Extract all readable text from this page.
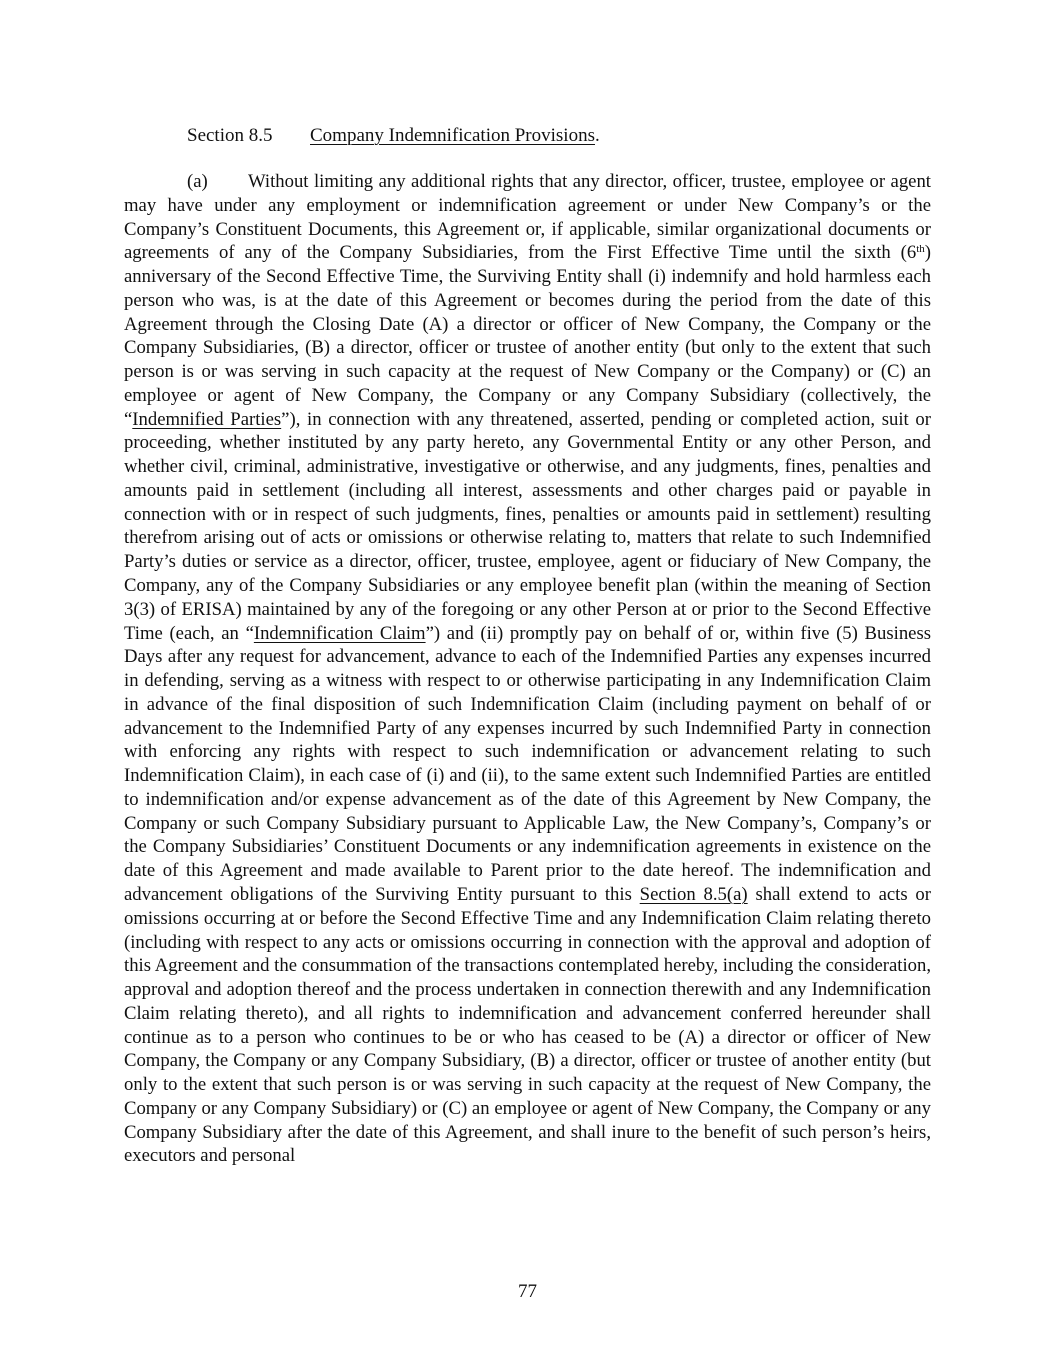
Section 8.5 Company Indemnification Provisions.

(a) Without limiting any additional rights that any director, officer, trustee, employee or agent may have under any employment or indemnification agreement or under New Company’s or the Company’s Constituent Documents, this Agreement or, if applicable, similar organizational documents or agreements of any of the Company Subsidiaries, from the First Effective Time until the sixth (6th) anniversary of the Second Effective Time, the Surviving Entity shall (i) indemnify and hold harmless each person who was, is at the date of this Agreement or becomes during the period from the date of this Agreement through the Closing Date (A) a director or officer of New Company, the Company or the Company Subsidiaries, (B) a director, officer or trustee of another entity (but only to the extent that such person is or was serving in such capacity at the request of New Company or the Company) or (C) an employee or agent of New Company, the Company or any Company Subsidiary (collectively, the “Indemnified Parties”), in connection with any threatened, asserted, pending or completed action, suit or proceeding, whether instituted by any party hereto, any Governmental Entity or any other Person, and whether civil, criminal, administrative, investigative or otherwise, and any judgments, fines, penalties and amounts paid in settlement (including all interest, assessments and other charges paid or payable in connection with or in respect of such judgments, fines, penalties or amounts paid in settlement) resulting therefrom arising out of acts or omissions or otherwise relating to, matters that relate to such Indemnified Party’s duties or service as a director, officer, trustee, employee, agent or fiduciary of New Company, the Company, any of the Company Subsidiaries or any employee benefit plan (within the meaning of Section 3(3) of ERISA) maintained by any of the foregoing or any other Person at or prior to the Second Effective Time (each, an “Indemnification Claim”) and (ii) promptly pay on behalf of or, within five (5) Business Days after any request for advancement, advance to each of the Indemnified Parties any expenses incurred in defending, serving as a witness with respect to or otherwise participating in any Indemnification Claim in advance of the final disposition of such Indemnification Claim (including payment on behalf of or advancement to the Indemnified Party of any expenses incurred by such Indemnified Party in connection with enforcing any rights with respect to such indemnification or advancement relating to such Indemnification Claim), in each case of (i) and (ii), to the same extent such Indemnified Parties are entitled to indemnification and/or expense advancement as of the date of this Agreement by New Company, the Company or such Company Subsidiary pursuant to Applicable Law, the New Company’s, Company’s or the Company Subsidiaries’ Constituent Documents or any indemnification agreements in existence on the date of this Agreement and made available to Parent prior to the date hereof. The indemnification and advancement obligations of the Surviving Entity pursuant to this Section 8.5(a) shall extend to acts or omissions occurring at or before the Second Effective Time and any Indemnification Claim relating thereto (including with respect to any acts or omissions occurring in connection with the approval and adoption of this Agreement and the consummation of the transactions contemplated hereby, including the consideration, approval and adoption thereof and the process undertaken in connection therewith and any Indemnification Claim relating thereto), and all rights to indemnification and advancement conferred hereunder shall continue as to a person who continues to be or who has ceased to be (A) a director or officer of New Company, the Company or any Company Subsidiary, (B) a director, officer or trustee of another entity (but only to the extent that such person is or was serving in such capacity at the request of New Company, the Company or any Company Subsidiary) or (C) an employee or agent of New Company, the Company or any Company Subsidiary after the date of this Agreement, and shall inure to the benefit of such person’s heirs, executors and personal

77
